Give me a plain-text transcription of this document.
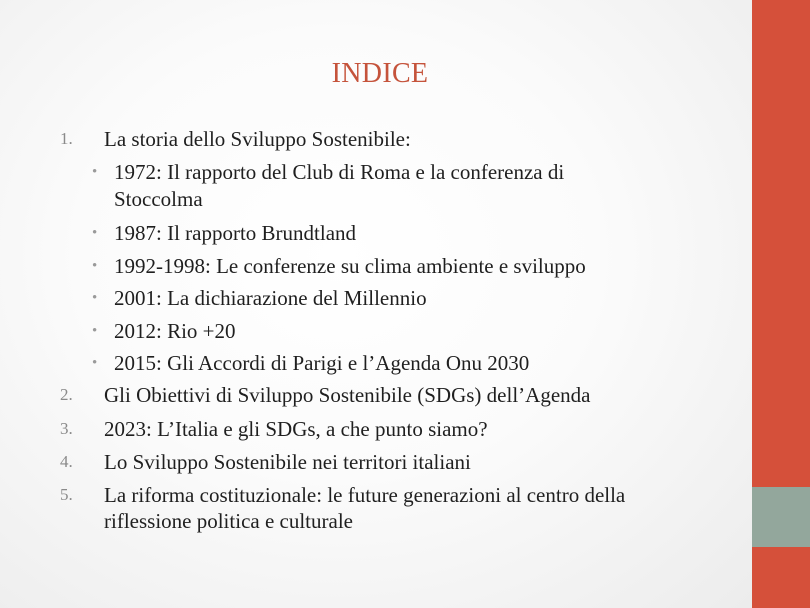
INDICE
1. La storia dello Sviluppo Sostenibile:
• 1972: Il rapporto del Club di Roma e la conferenza di
Stoccolma
• 1987: Il rapporto Brundtland
• 1992-1998: Le conferenze su clima ambiente e sviluppo
• 2001: La dichiarazione del Millennio
• 2012: Rio +20
• 2015: Gli Accordi di Parigi e l’Agenda Onu 2030
2. Gli Obiettivi di Sviluppo Sostenibile (SDGs) dell’Agenda
3. 2023: L’Italia e gli SDGs, a che punto siamo?
4. Lo Sviluppo Sostenibile nei territori italiani
5. La riforma costituzionale: le future generazioni al centro della
riflessione politica e culturale
